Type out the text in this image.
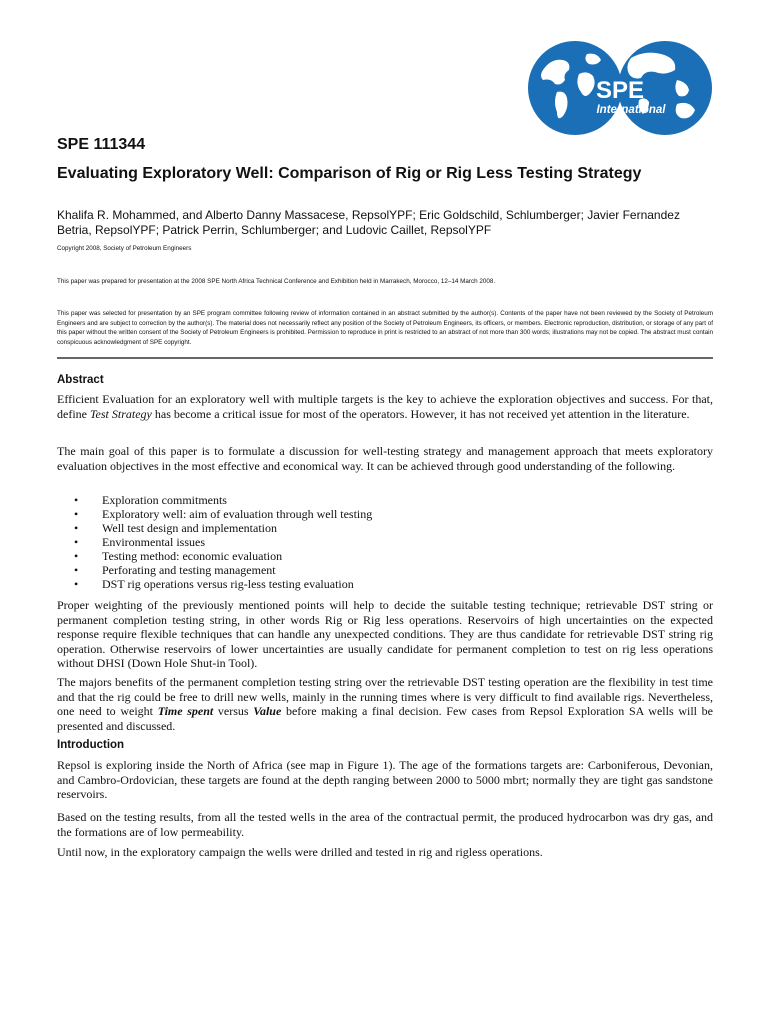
SPE
International
SPE 111344
Evaluating Exploratory Well: Comparison of Rig or Rig Less Testing Strategy

Khalifa R. Mohammed, and Alberto Danny Massacese, RepsolYPF; Eric Goldschild, Schlumberger; Javier Fernandez Betria, RepsolYPF; Patrick Perrin, Schlumberger; and Ludovic Caillet, RepsolYPF

Copyright 2008, Society of Petroleum Engineers

This paper was prepared for presentation at the 2008 SPE North Africa Technical Conference and Exhibition held in Marrakech, Morocco, 12–14 March 2008.

This paper was selected for presentation by an SPE program committee following review of information contained in an abstract submitted by the author(s). Contents of the paper have not been reviewed by the Society of Petroleum Engineers and are subject to correction by the author(s). The material does not necessarily reflect any position of the Society of Petroleum Engineers, its officers, or members. Electronic reproduction, distribution, or storage of any part of this paper without the written consent of the Society of Petroleum Engineers is prohibited. Permission to reproduce in print is restricted to an abstract of not more than 300 words; illustrations may not be copied. The abstract must contain conspicuous acknowledgment of SPE copyright.

Abstract

Efficient Evaluation for an exploratory well with multiple targets is the key to achieve the exploration objectives and success. For that, define Test Strategy has become a critical issue for most of the operators. However, it has not received yet attention in the literature.

The main goal of this paper is to formulate a discussion for well-testing strategy and management approach that meets exploratory evaluation objectives in the most effective and economical way. It can be achieved through good understanding of the following.

• Exploration commitments
• Exploratory well: aim of evaluation through well testing
• Well test design and implementation
• Environmental issues
• Testing method: economic evaluation
• Perforating and testing management
• DST rig operations versus rig-less testing evaluation

Proper weighting of the previously mentioned points will help to decide the suitable testing technique; retrievable DST string or permanent completion testing string, in other words Rig or Rig less operations. Reservoirs of high uncertainties on the expected response require flexible techniques that can handle any unexpected conditions. They are thus candidate for retrievable DST string rig operation. Otherwise reservoirs of lower uncertainties are usually candidate for permanent completion to test on rig less operations without DHSI (Down Hole Shut-in Tool).

The majors benefits of the permanent completion testing string over the retrievable DST testing operation are the flexibility in test time and that the rig could be free to drill new wells, mainly in the running times where is very difficult to find available rigs. Nevertheless, one need to weight Time spent versus Value before making a final decision. Few cases from Repsol Exploration SA wells will be presented and discussed.

Introduction

Repsol is exploring inside the North of Africa (see map in Figure 1). The age of the formations targets are: Carboniferous, Devonian, and Cambro-Ordovician, these targets are found at the depth ranging between 2000 to 5000 mbrt; normally they are tight gas sandstone reservoirs.

Based on the testing results, from all the tested wells in the area of the contractual permit, the produced hydrocarbon was dry gas, and the formations are of low permeability.

Until now, in the exploratory campaign the wells were drilled and tested in rig and rigless operations.
